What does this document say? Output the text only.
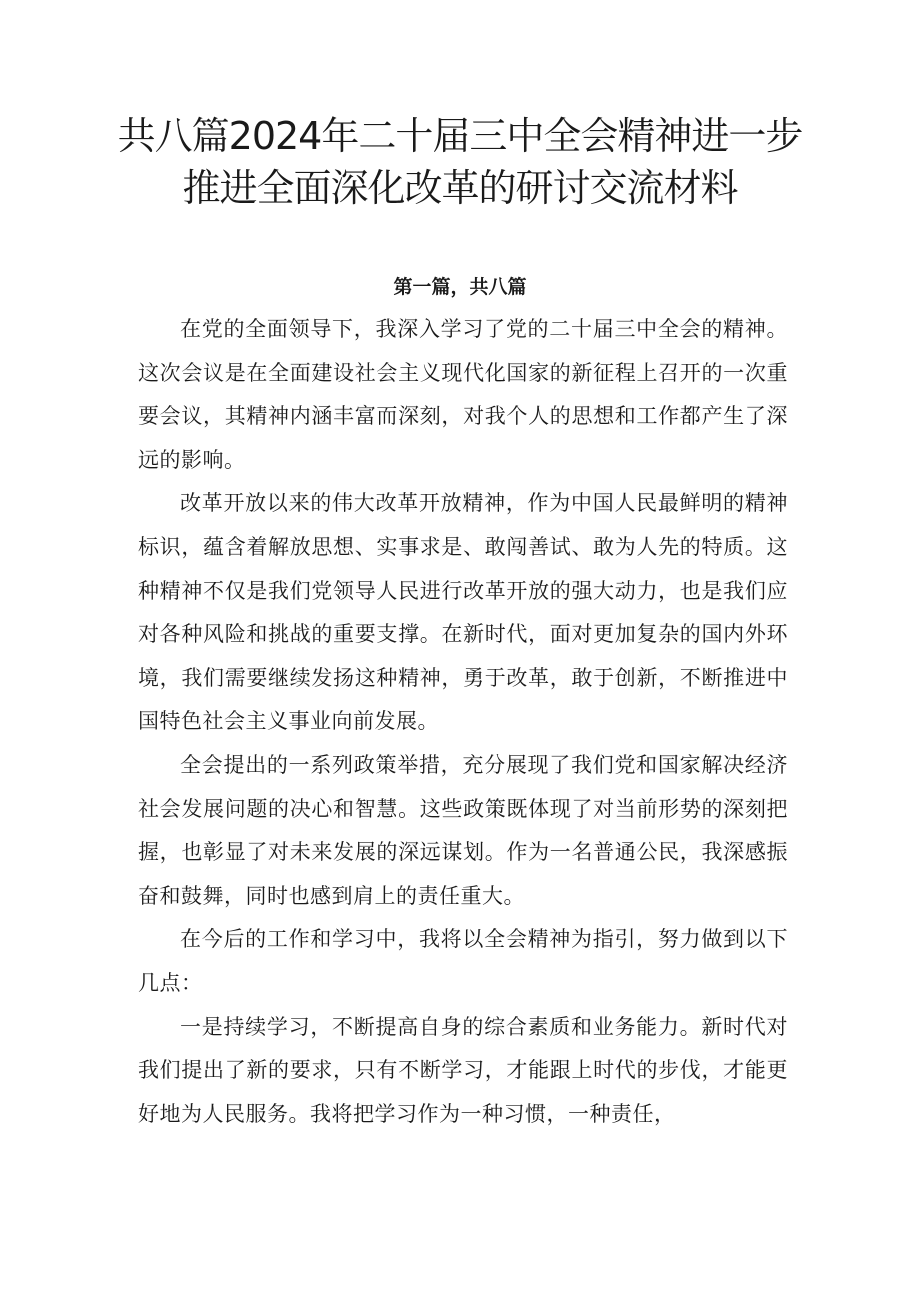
共八篇2024年二十届三中全会精神进一步
推进全面深化改革的研讨交流材料
第一篇，共八篇

在党的全面领导下，我深入学习了党的二十届三中全会的精神。这次会议是在全面建设社会主义现代化国家的新征程上召开的一次重要会议，其精神内涵丰富而深刻，对我个人的思想和工作都产生了深远的影响。

改革开放以来的伟大改革开放精神，作为中国人民最鲜明的精神标识，蕴含着解放思想、实事求是、敢闯善试、敢为人先的特质。这种精神不仅是我们党领导人民进行改革开放的强大动力，也是我们应对各种风险和挑战的重要支撑。在新时代，面对更加复杂的国内外环境，我们需要继续发扬这种精神，勇于改革，敢于创新，不断推进中国特色社会主义事业向前发展。

全会提出的一系列政策举措，充分展现了我们党和国家解决经济社会发展问题的决心和智慧。这些政策既体现了对当前形势的深刻把握，也彰显了对未来发展的深远谋划。作为一名普通公民，我深感振奋和鼓舞，同时也感到肩上的责任重大。

在今后的工作和学习中，我将以全会精神为指引，努力做到以下几点：

一是持续学习，不断提高自身的综合素质和业务能力。新时代对我们提出了新的要求，只有不断学习，才能跟上时代的步伐，才能更好地为人民服务。我将把学习作为一种习惯，一种责任，
